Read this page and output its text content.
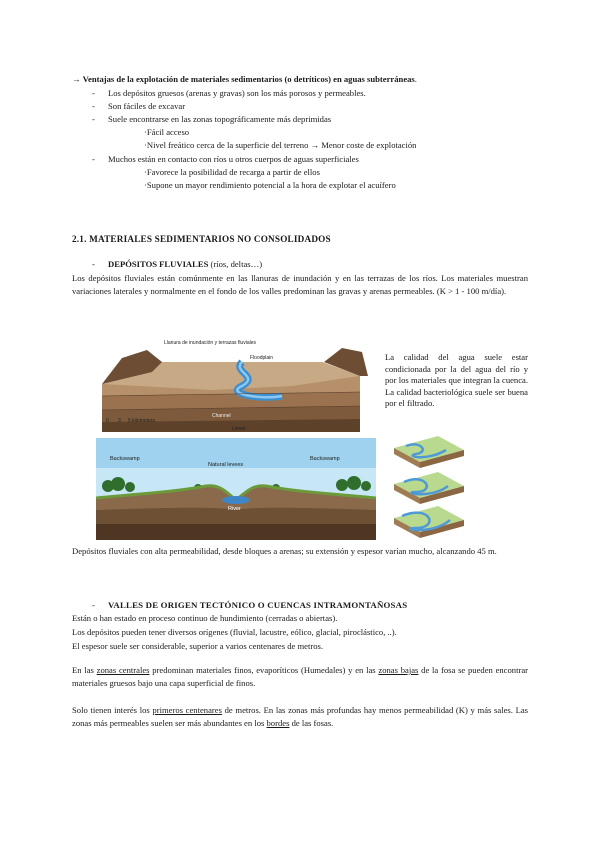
→ Ventajas de la explotación de materiales sedimentarios (o detríticos) en aguas subterráneas.
- Los depósitos gruesos (arenas y gravas) son los más porosos y permeables.
- Son fáciles de excavar
- Suele encontrarse en las zonas topográficamente más deprimidas
·Fácil acceso
·Nivel freático cerca de la superficie del terreno → Menor coste de explotación
- Muchos están en contacto con ríos u otros cuerpos de aguas superficiales
·Favorece la posibilidad de recarga a partir de ellos
·Supone un mayor rendimiento potencial a la hora de explotar el acuífero
2.1. MATERIALES SEDIMENTARIOS NO CONSOLIDADOS
- DEPÓSITOS FLUVIALES (ríos, deltas…)
Los depósitos fluviales están comúnmente en las llanuras de inundación y en las terrazas de los ríos. Los materiales muestran variaciones laterales y normalmente en el fondo de los valles predominan las gravas y arenas permeables. (K > 1 - 100 m/día).
Llanura de inundación y terrazas fluviales
Floodplain
Levee
Channel
0 3 5 kilometers
Backswamp
Natural levees
Backswamp
River
La calidad del agua suele estar condicionada por la del agua del río y por los materiales que integran la cuenca. La calidad bacteriológica suele ser buena por el filtrado.
Depósitos fluviales con alta permeabilidad, desde bloques a arenas; su extensión y espesor varían mucho, alcanzando 45 m.
- VALLES DE ORIGEN TECTÓNICO O CUENCAS INTRAMONTAÑOSAS
Están o han estado en proceso continuo de hundimiento (cerradas o abiertas).
Los depósitos pueden tener diversos orígenes (fluvial, lacustre, eólico, glacial, piroclástico, ..).
El espesor suele ser considerable, superior a varios centenares de metros.
En las zonas centrales predominan materiales finos, evaporíticos (Humedales) y en las zonas bajas de la fosa se pueden encontrar materiales gruesos bajo una capa superficial de finos.
Solo tienen interés los primeros centenares de metros. En las zonas más profundas hay menos permeabilidad (K) y más sales. Las zonas más permeables suelen ser más abundantes en los bordes de las fosas.
